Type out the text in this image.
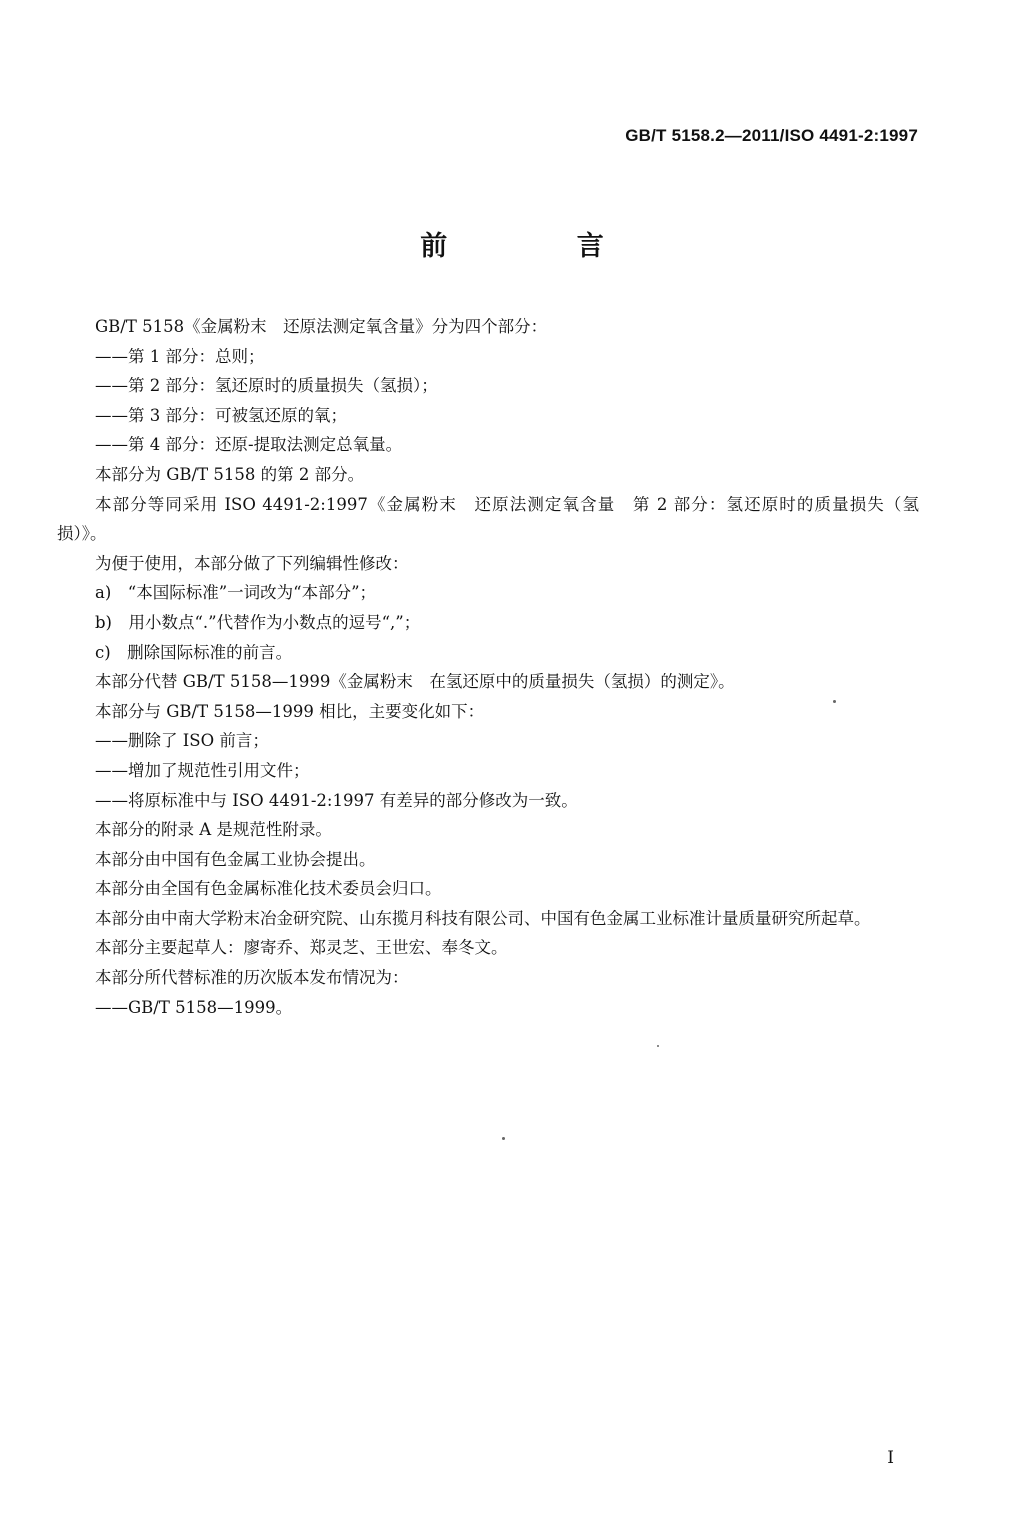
GB/T 5158.2—2011/ISO 4491-2:1997
前 言

GB/T 5158《金属粉末　还原法测定氧含量》分为四个部分：

——第 1 部分：总则；

——第 2 部分：氢还原时的质量损失（氢损）；

——第 3 部分：可被氢还原的氧；

——第 4 部分：还原-提取法测定总氧量。

本部分为 GB/T 5158 的第 2 部分。

本部分等同采用 ISO 4491-2:1997《金属粉末　还原法测定氧含量　第 2 部分：氢还原时的质量损失（氢损）》。

为便于使用，本部分做了下列编辑性修改：

a)　“本国际标准”一词改为“本部分”；

b)　用小数点“.”代替作为小数点的逗号“,”；

c)　删除国际标准的前言。

本部分代替 GB/T 5158—1999《金属粉末　在氢还原中的质量损失（氢损）的测定》。

本部分与 GB/T 5158—1999 相比，主要变化如下：

——删除了 ISO 前言；

——增加了规范性引用文件；

——将原标准中与 ISO 4491-2:1997 有差异的部分修改为一致。

本部分的附录 A 是规范性附录。

本部分由中国有色金属工业协会提出。

本部分由全国有色金属标准化技术委员会归口。

本部分由中南大学粉末冶金研究院、山东揽月科技有限公司、中国有色金属工业标准计量质量研究所起草。

本部分主要起草人：廖寄乔、郑灵芝、王世宏、奉冬文。

本部分所代替标准的历次版本发布情况为：

——GB/T 5158—1999。

I
